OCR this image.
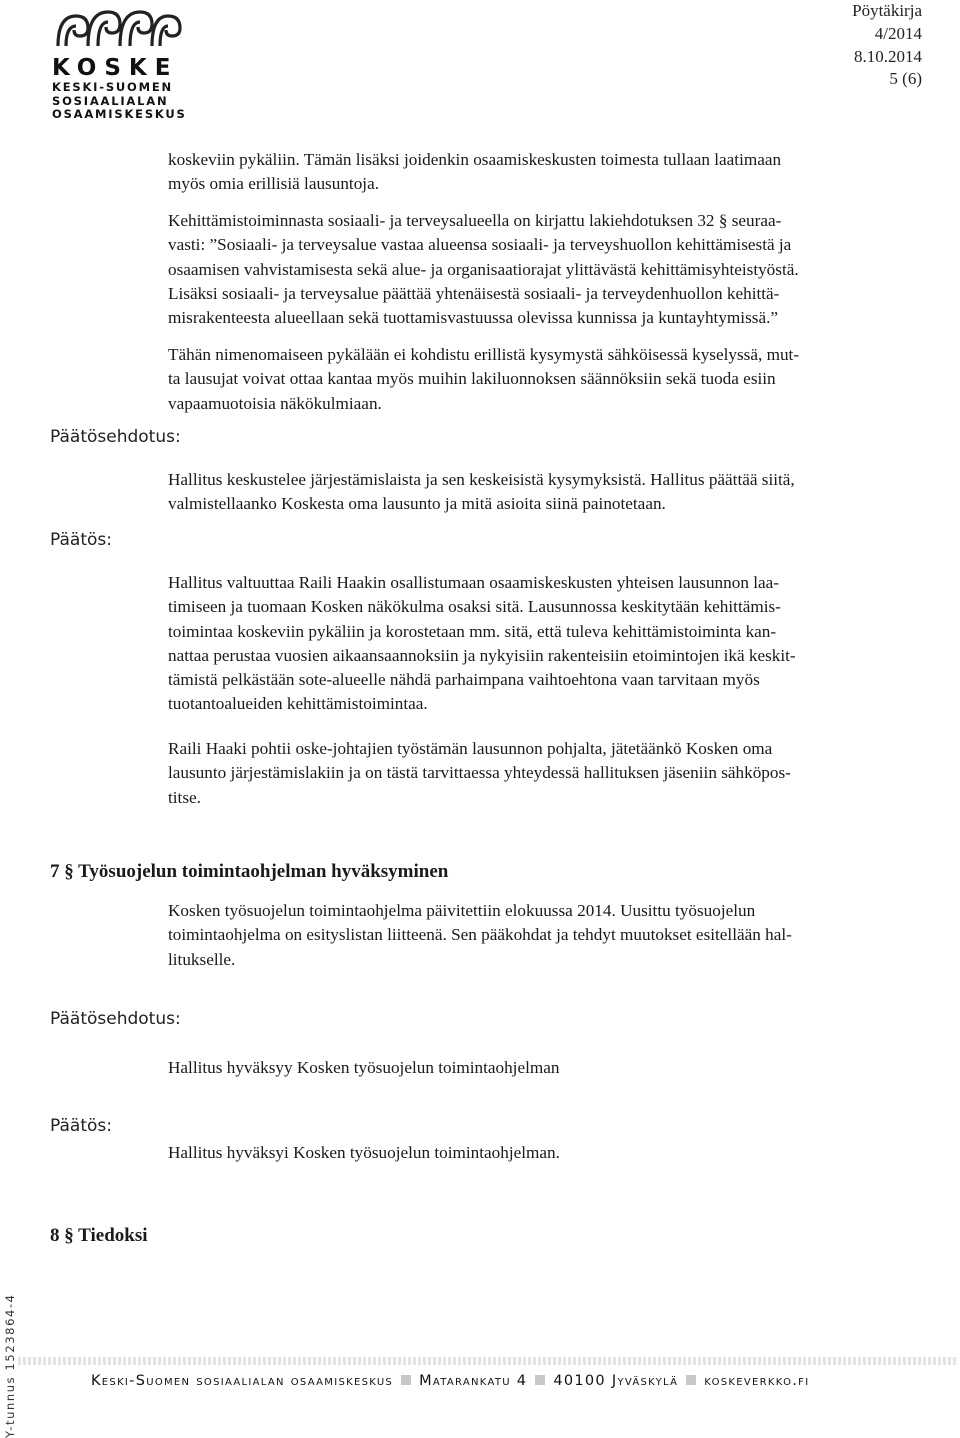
KOSKE
KESKI-SUOMEN
SOSIAALIALAN
OSAAMISKESKUS
Pöytäkirja
4/2014
8.10.2014
5 (6)
koskeviin pykäliin. Tämän lisäksi joidenkin osaamiskeskusten toimesta tullaan laatimaan
myös omia erillisiä lausuntoja.
Kehittämistoiminnasta sosiaali- ja terveysalueella on kirjattu lakiehdotuksen 32 § seuraa-
vasti: ”Sosiaali- ja terveysalue vastaa alueensa sosiaali- ja terveyshuollon kehittämisestä ja
osaamisen vahvistamisesta sekä alue- ja organisaatiorajat ylittävästä kehittämisyhteistyöstä.
Lisäksi sosiaali- ja terveysalue päättää yhtenäisestä sosiaali- ja terveydenhuollon kehittä-
misrakenteesta alueellaan sekä tuottamisvastuussa olevissa kunnissa ja kuntayhtymissä.”
Tähän nimenomaiseen pykälään ei kohdistu erillistä kysymystä sähköisessä kyselyssä, mut-
ta lausujat voivat ottaa kantaa myös muihin lakiluonnoksen säännöksiin sekä tuoda esiin
vapaamuotoisia näkökulmiaan.
Päätösehdotus:
Hallitus keskustelee järjestämislaista ja sen keskeisistä kysymyksistä. Hallitus päättää siitä,
valmistellaanko Koskesta oma lausunto ja mitä asioita siinä painotetaan.
Päätös:
Hallitus valtuuttaa Raili Haakin osallistumaan osaamiskeskusten yhteisen lausunnon laa-
timiseen ja tuomaan Kosken näkökulma osaksi sitä. Lausunnossa keskitytään kehittämis-
toimintaa koskeviin pykäliin ja korostetaan mm. sitä, että tuleva kehittämistoiminta kan-
nattaa perustaa vuosien aikaansaannoksiin ja nykyisiin rakenteisiin etoimintojen ikä keskit-
tämistä pelkästään sote-alueelle nähdä parhaimpana vaihtoehtona vaan tarvitaan myös
tuotantoalueiden kehittämistoimintaa.
Raili Haaki pohtii oske-johtajien työstämän lausunnon pohjalta, jätetäänkö Kosken oma
lausunto järjestämislakiin ja on tästä tarvittaessa yhteydessä hallituksen jäseniin sähköpos-
titse.
7 § Työsuojelun toimintaohjelman hyväksyminen
Kosken työsuojelun toimintaohjelma päivitettiin elokuussa 2014. Uusittu työsuojelun
toimintaohjelma on esityslistan liitteenä. Sen pääkohdat ja tehdyt muutokset esitellään hal-
litukselle.
Päätösehdotus:
Hallitus hyväksyy Kosken työsuojelun toimintaohjelman
Päätös:
Hallitus hyväksyi Kosken työsuojelun toimintaohjelman.
8 § Tiedoksi
Keski-Suomen sosiaalialan osaamiskeskus Matarankatu 4 40100 Jyväskylä koskeverkko.fi
Y-tunnus 1523864-4
